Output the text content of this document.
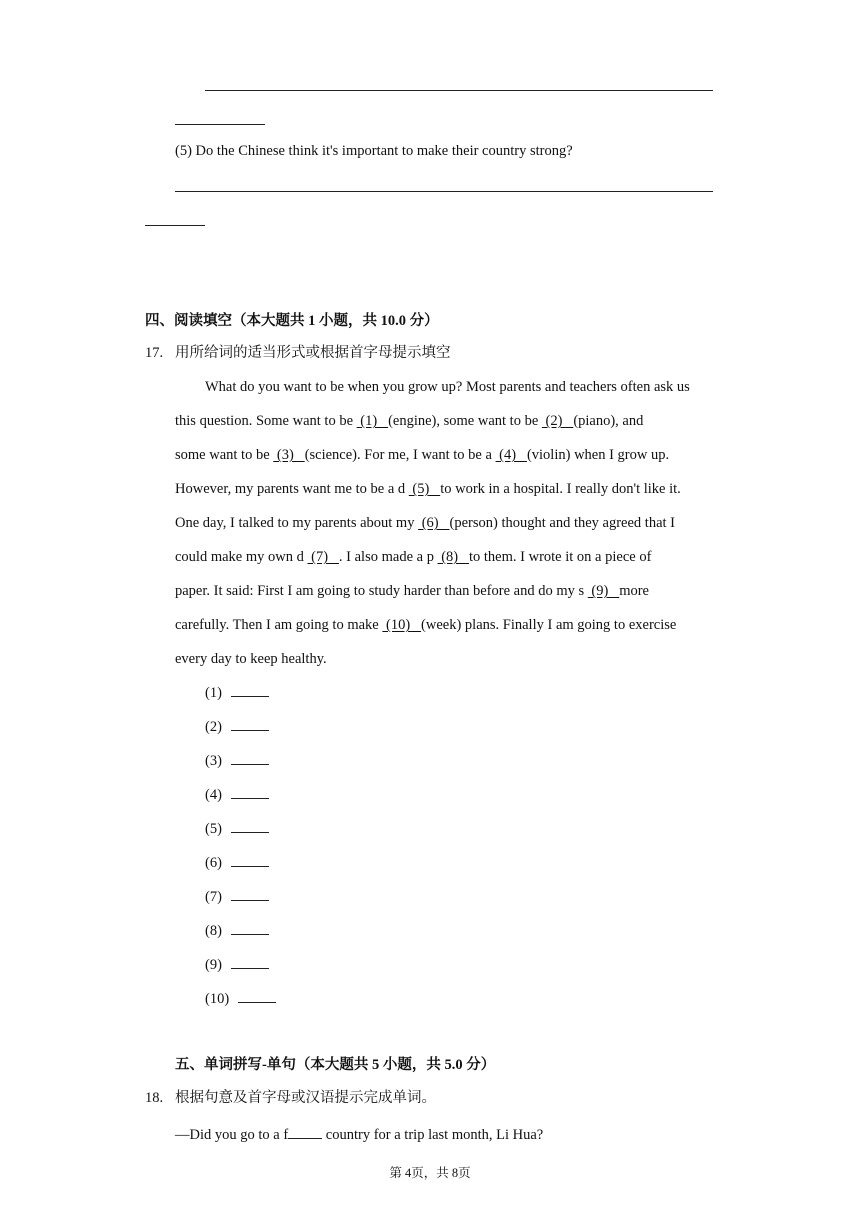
(5) Do the Chinese think it's important to make their country strong?
四、阅读填空（本大题共 1 小题，共 10.0 分）
17. 用所给词的适当形式或根据首字母提示填空
What do you want to be when you grow up? Most parents and teachers often ask us
this question. Some want to be  (1)   (engine), some want to be  (2)   (piano), and
some want to be  (3)   (science). For me, I want to be a  (4)   (violin) when I grow up.
However, my parents want me to be a d  (5)   to work in a hospital. I really don't like it.
One day, I talked to my parents about my  (6)   (person) thought and they agreed that I
could make my own d  (7)   . I also made a p  (8)   to them. I wrote it on a piece of
paper. It said: First I am going to study harder than before and do my s  (9)   more
carefully. Then I am going to make  (10)   (week) plans. Finally I am going to exercise
every day to keep healthy.
(1)
(2)
(3)
(4)
(5)
(6)
(7)
(8)
(9)
(10)
五、单词拼写-单句（本大题共 5 小题，共 5.0 分）
18. 根据句意及首字母或汉语提示完成单词。
—Did you go to a f country for a trip last month, Li Hua?
第 4页，共 8页
